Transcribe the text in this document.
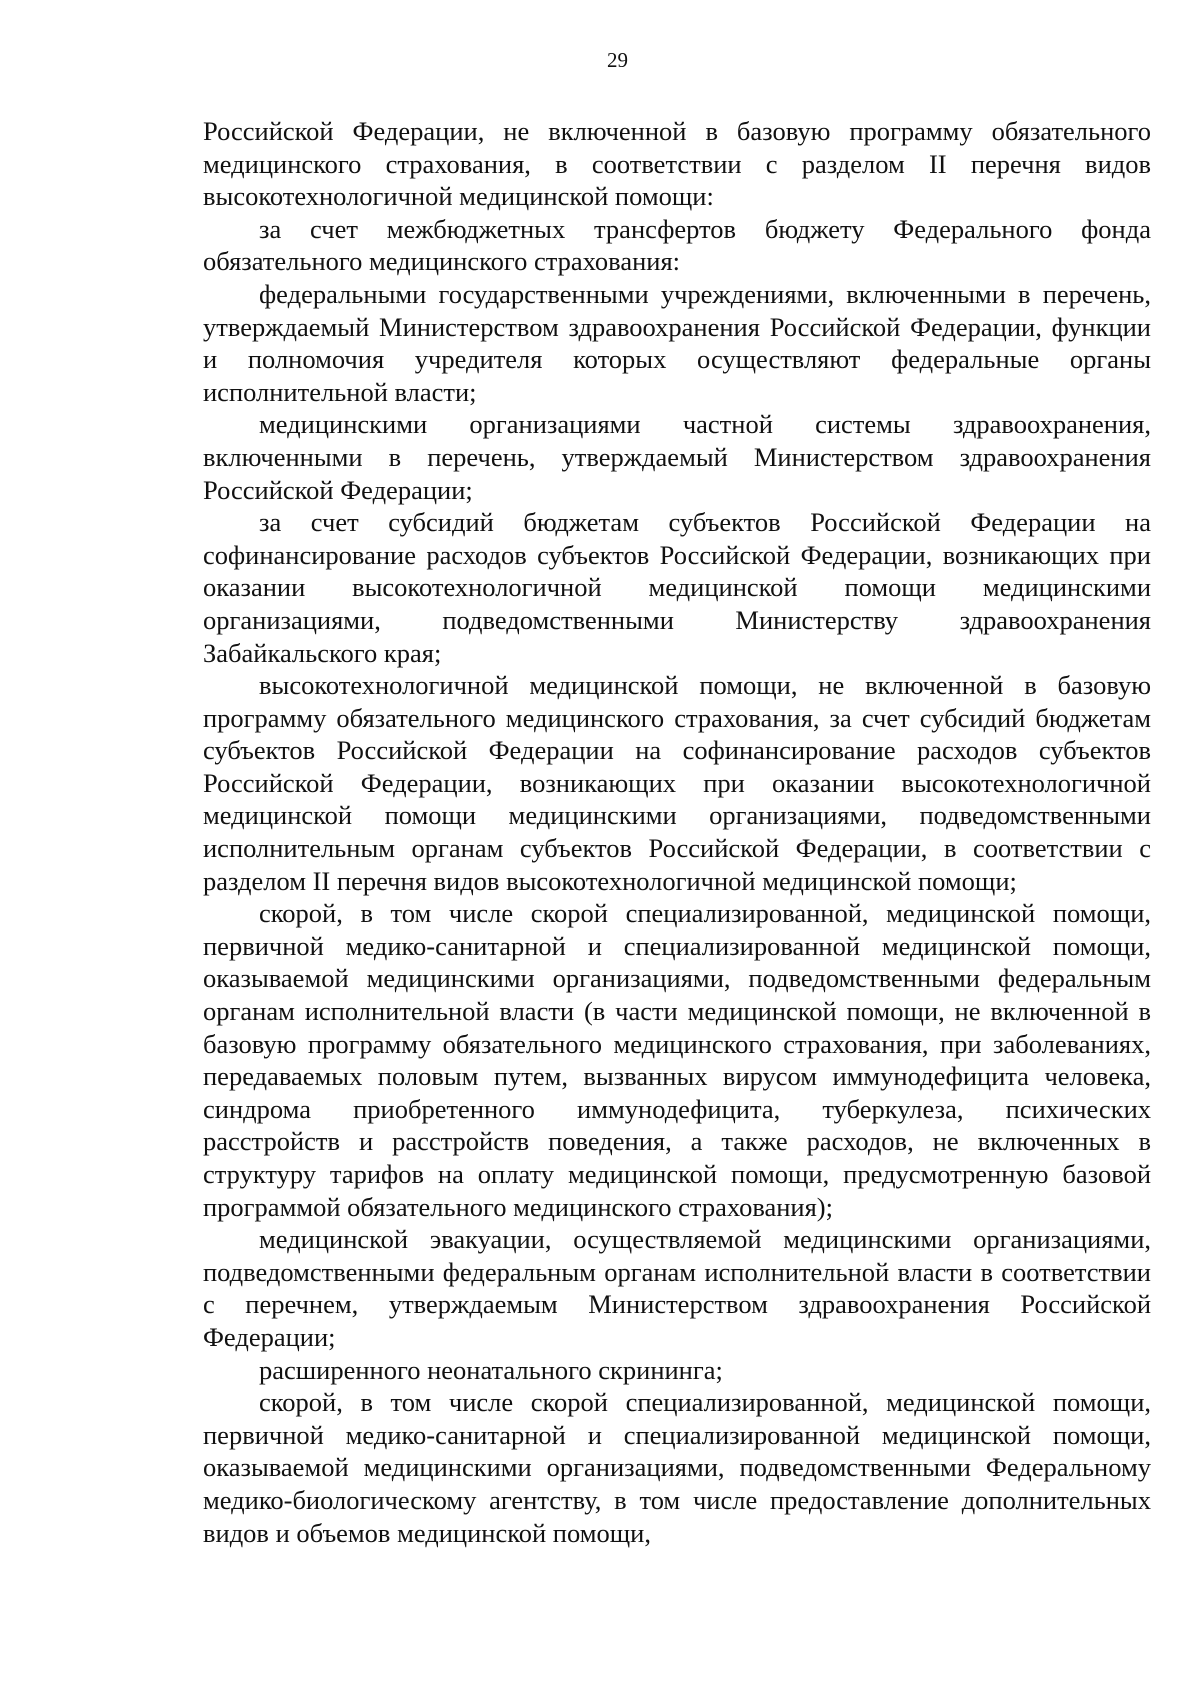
29

Российской Федерации, не включенной в базовую программу обязательного медицинского страхования, в соответствии с разделом II перечня видов высокотехнологичной медицинской помощи:

за счет межбюджетных трансфертов бюджету Федерального фонда обязательного медицинского страхования:

федеральными государственными учреждениями, включенными в перечень, утверждаемый Министерством здравоохранения Российской Федерации, функции и полномочия учредителя которых осуществляют федеральные органы исполнительной власти;

медицинскими организациями частной системы здравоохранения, включенными в перечень, утверждаемый Министерством здравоохранения Российской Федерации;

за счет субсидий бюджетам субъектов Российской Федерации на софинансирование расходов субъектов Российской Федерации, возникающих при оказании высокотехнологичной медицинской помощи медицинскими организациями, подведомственными Министерству здравоохранения Забайкальского края;

высокотехнологичной медицинской помощи, не включенной в базовую программу обязательного медицинского страхования, за счет субсидий бюджетам субъектов Российской Федерации на софинансирование расходов субъектов Российской Федерации, возникающих при оказании высокотехнологичной медицинской помощи медицинскими организациями, подведомственными исполнительным органам субъектов Российской Федерации, в соответствии с разделом II перечня видов высокотехнологичной медицинской помощи;

скорой, в том числе скорой специализированной, медицинской помощи, первичной медико-санитарной и специализированной медицинской помощи, оказываемой медицинскими организациями, подведомственными федеральным органам исполнительной власти (в части медицинской помощи, не включенной в базовую программу обязательного медицинского страхования, при заболеваниях, передаваемых половым путем, вызванных вирусом иммунодефицита человека, синдрома приобретенного иммунодефицита, туберкулеза, психических расстройств и расстройств поведения, а также расходов, не включенных в структуру тарифов на оплату медицинской помощи, предусмотренную базовой программой обязательного медицинского страхования);

медицинской эвакуации, осуществляемой медицинскими организациями, подведомственными федеральным органам исполнительной власти в соответствии с перечнем, утверждаемым Министерством здравоохранения Российской Федерации;

расширенного неонатального скрининга;

скорой, в том числе скорой специализированной, медицинской помощи, первичной медико-санитарной и специализированной медицинской помощи, оказываемой медицинскими организациями, подведомственными Федеральному медико-биологическому агентству, в том числе предоставление дополнительных видов и объемов медицинской помощи,
